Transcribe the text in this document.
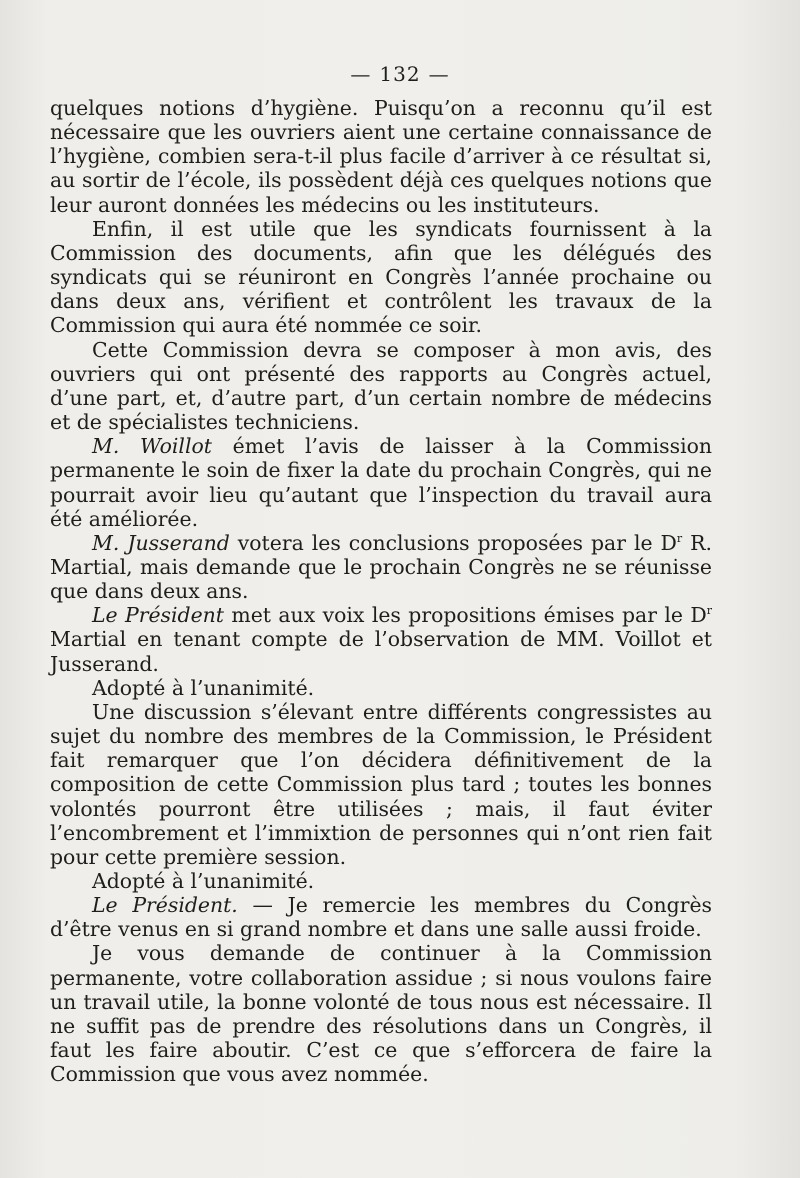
— 132 —

quelques notions d’hygiène. Puisqu’on a reconnu qu’il est nécessaire que les ouvriers aient une certaine connaissance de l’hygiène, combien sera-t-il plus facile d’arriver à ce résultat si, au sortir de l’école, ils possèdent déjà ces quelques notions que leur auront données les médecins ou les instituteurs.

Enfin, il est utile que les syndicats fournissent à la Commission des documents, afin que les délégués des syndicats qui se réuniront en Congrès l’année prochaine ou dans deux ans, vérifient et contrôlent les travaux de la Commission qui aura été nommée ce soir.

Cette Commission devra se composer à mon avis, des ouvriers qui ont présenté des rapports au Congrès actuel, d’une part, et, d’autre part, d’un certain nombre de médecins et de spécialistes techniciens.

M. Woillot émet l’avis de laisser à la Commission permanente le soin de fixer la date du prochain Congrès, qui ne pourrait avoir lieu qu’autant que l’inspection du travail aura été améliorée.

M. Jusserand votera les conclusions proposées par le $D^r$ R. Martial, mais demande que le prochain Congrès ne se réunisse que dans deux ans.

Le Président met aux voix les propositions émises par le $D^r$ Martial en tenant compte de l’observation de MM. Voillot et Jusserand.

Adopté à l’unanimité.

Une discussion s’élevant entre différents congressistes au sujet du nombre des membres de la Commission, le Président fait remarquer que l’on décidera définitivement de la composition de cette Commission plus tard ; toutes les bonnes volontés pourront être utilisées ; mais, il faut éviter l’encombrement et l’immixtion de personnes qui n’ont rien fait pour cette première session.

Adopté à l’unanimité.

Le Président. — Je remercie les membres du Congrès d’être venus en si grand nombre et dans une salle aussi froide.

Je vous demande de continuer à la Commission permanente, votre collaboration assidue ; si nous voulons faire un travail utile, la bonne volonté de tous nous est nécessaire. Il ne suffit pas de prendre des résolutions dans un Congrès, il faut les faire aboutir. C’est ce que s’efforcera de faire la Commission que vous avez nommée.
